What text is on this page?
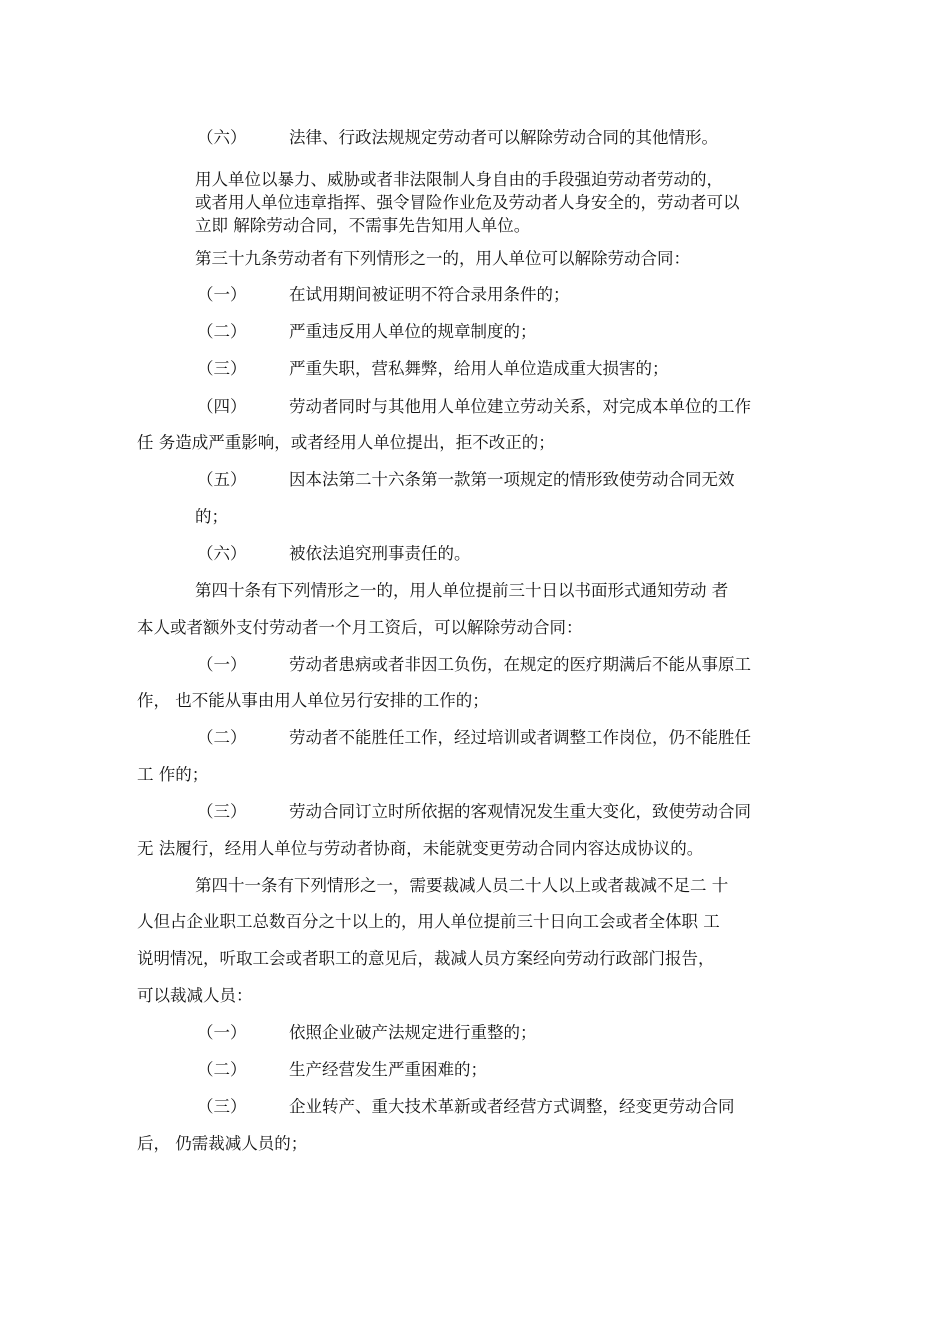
（六）	法律、行政法规规定劳动者可以解除劳动合同的其他情形。
用人单位以暴力、威胁或者非法限制人身自由的手段强迫劳动者劳动的，
或者用人单位违章指挥、强令冒险作业危及劳动者人身安全的，劳动者可以
立即 解除劳动合同，不需事先告知用人单位。
第三十九条劳动者有下列情形之一的，用人单位可以解除劳动合同：
（一）	在试用期间被证明不符合录用条件的；
（二）	严重违反用人单位的规章制度的；
（三）	严重失职，营私舞弊，给用人单位造成重大损害的；
（四）	劳动者同时与其他用人单位建立劳动关系，对完成本单位的工作
任 务造成严重影响，或者经用人单位提出，拒不改正的；
（五）	因本法第二十六条第一款第一项规定的情形致使劳动合同无效
的；
（六）	被依法追究刑事责任的。
第四十条有下列情形之一的，用人单位提前三十日以书面形式通知劳动 者
本人或者额外支付劳动者一个月工资后，可以解除劳动合同：
（一）	劳动者患病或者非因工负伤，在规定的医疗期满后不能从事原工
作， 也不能从事由用人单位另行安排的工作的；
（二）	劳动者不能胜任工作，经过培训或者调整工作岗位，仍不能胜任
工 作的；
（三）	劳动合同订立时所依据的客观情况发生重大变化，致使劳动合同
无 法履行，经用人单位与劳动者协商，未能就变更劳动合同内容达成协议的。
第四十一条有下列情形之一，需要裁减人员二十人以上或者裁减不足二 十
人但占企业职工总数百分之十以上的，用人单位提前三十日向工会或者全体职 工
说明情况，听取工会或者职工的意见后，裁减人员方案经向劳动行政部门报告，
可以裁减人员：
（一）	依照企业破产法规定进行重整的；
（二）	生产经营发生严重困难的；
（三）	企业转产、重大技术革新或者经营方式调整，经变更劳动合同
后， 仍需裁减人员的；
